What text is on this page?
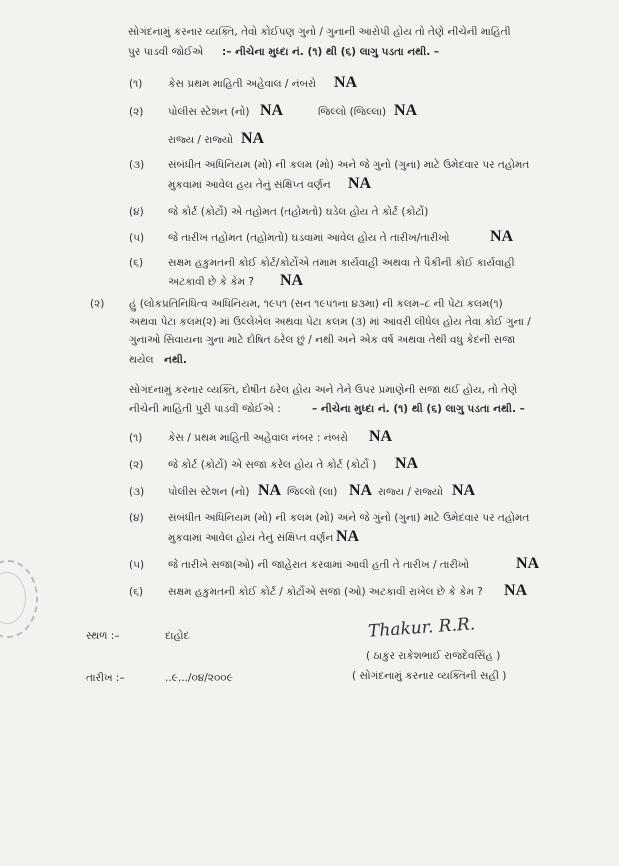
સોગંદનામું કરનાર વ્યક્તિ, તેવો કોઈપણ ગુનો / ગુનાની આરોપી હોય તો તેણે નીચેની માહિતી
પુર પાડવી જોઈએ :– નીચેના મુધ્દા નં. (૧) થી (૬) લાગુ પડતા નથી. –
(૧) કેસ પ્રથમ માહિતી અહેવાલ / નંબરો NA
(૨) પોલીસ સ્ટેશન (નો) NA	જિલ્લો (જિલ્લા) NA
રાજ્ય / રાજ્યો NA
(૩) સંબંધીત અધિનિયમ (મો) ની કલમ (મો) અને જે ગુનો (ગુના) માટે ઉમેદવાર પર તહોમત
મુકવામાં આવેલ હય તેનું સંક્ષિપ્ત વર્ણન NA
(૪) જે કોર્ટ (કોર્ટો) એ તહોમત (તહોમતો) ઘડેલ હોય તે કોર્ટ (કોર્ટો)
(૫) જે તારીખ તહોમત (તહોમતો) ઘડવામાં આવેલ હોય તે તારીખ/તારીખો	NA
(૬) સક્ષમ હકુમતની કોઈ કોર્ટ/કોર્ટોએ તમામ કાર્યવાહી અથવા તે પૈકીની કોઈ કાર્યવાહી
અટકાવી છે કે કેમ ? NA
(૨) હું (લોકપ્રતિનિધિત્વ અધિનિયમ, ૧૯૫૧ (સન ૧૯૫૧ના ૪૩મા) ની કલમ–૮ ની પેટા કલમ(૧)
અથવા પેટા કલમ(૨) માં ઉલ્લેખેલ અથવા પેટા કલમ (૩) માં આવરી લીધેલ હોય તેવા કોઈ ગુના /
ગુનાઓ સિવાયના ગુના માટે દોષિત ઠરેલ છું / નથી અને એક વર્ષ અથવા તેથી વધુ કેદની સજા
થયેલ નથી.
સોગંદનામું કરનાર વ્યક્તિ, દોષીત ઠરેલ હોય અને તેને ઉપર પ્રમાણેની સજા થઈ હોય, તો તેણે
નીચેની માહિતી પુરી પાડવી જોઈએ :	– નીચેના મુધ્દા નં. (૧) થી (૬) લાગુ પડતા નથી. –
(૧) કેસ / પ્રથમ માહિતી અહેવાલ નંબર : નંબરો NA
(૨) જે કોર્ટ (કોર્ટો) એ સજા કરેલ હોય તે કોર્ટ (કોર્ટો ) NA
(૩) પોલીસ સ્ટેશન (નો) NA જિલ્લો (લા) NA રાજ્ય / રાજ્યો NA
(૪) સંબંધીત અધિનિયમ (મો) ની કલમ (મો) અને જે ગુનો (ગુના) માટે ઉમેદવાર પર તહોમત
મુકવામાં આવેલ હોય તેનું સંક્ષિપ્ત વર્ણન NA
(૫) જે તારીખે સજા(ઓ) ની જાહેરાત કરવામાં આવી હતી તે તારીખ / તારીખો	NA
(૬) સક્ષમ હકુમતની કોઈ કોર્ટ / કોર્ટોએ સજા (ઓ) અટકાવી રાખેલ છે કે કેમ ? NA
સ્થળ :–	દાહોદ	Thakur. R.R.
( ઠાકુર રાકેશભાઈ રાજદેવસિંહ )
તારીખ :–	..૯.../૦૪/૨૦૦૯	( સોગંદનામું કરનાર વ્યક્તિની સહી )
